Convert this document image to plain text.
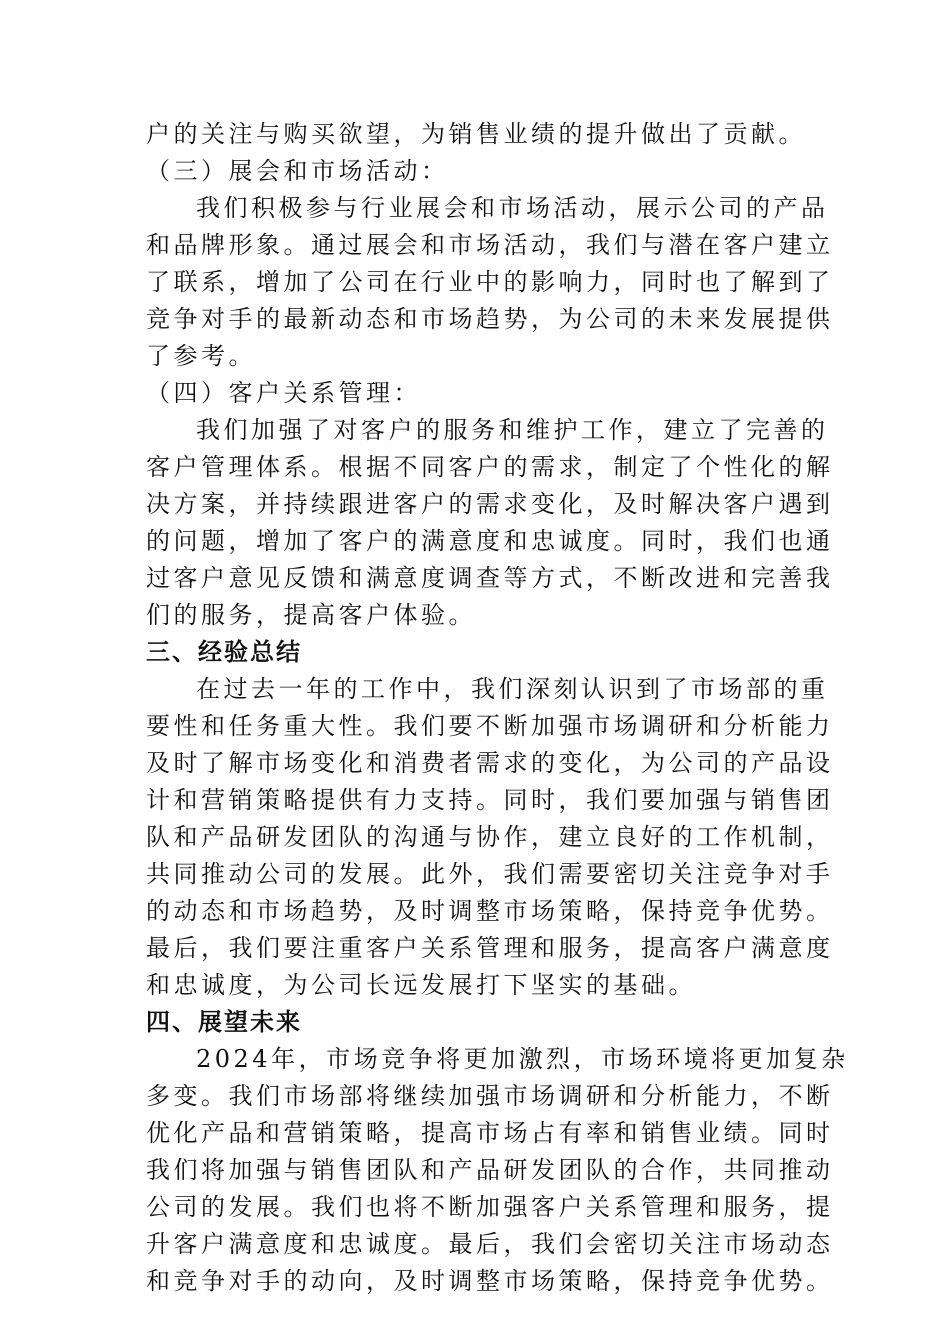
户的关注与购买欲望，为销售业绩的提升做出了贡献。

（三）展会和市场活动：

我们积极参与行业展会和市场活动，展示公司的产品
和品牌形象。通过展会和市场活动，我们与潜在客户建立
了联系，增加了公司在行业中的影响力，同时也了解到了
竞争对手的最新动态和市场趋势，为公司的未来发展提供
了参考。

（四）客户关系管理：

我们加强了对客户的服务和维护工作，建立了完善的
客户管理体系。根据不同客户的需求，制定了个性化的解
决方案，并持续跟进客户的需求变化，及时解决客户遇到
的问题，增加了客户的满意度和忠诚度。同时，我们也通
过客户意见反馈和满意度调查等方式，不断改进和完善我
们的服务，提高客户体验。

三、经验总结

在过去一年的工作中，我们深刻认识到了市场部的重
要性和任务重大性。我们要不断加强市场调研和分析能力
及时了解市场变化和消费者需求的变化，为公司的产品设
计和营销策略提供有力支持。同时，我们要加强与销售团
队和产品研发团队的沟通与协作，建立良好的工作机制，
共同推动公司的发展。此外，我们需要密切关注竞争对手
的动态和市场趋势，及时调整市场策略，保持竞争优势。
最后，我们要注重客户关系管理和服务，提高客户满意度
和忠诚度，为公司长远发展打下坚实的基础。

四、展望未来

2024年，市场竞争将更加激烈，市场环境将更加复杂
多变。我们市场部将继续加强市场调研和分析能力，不断
优化产品和营销策略，提高市场占有率和销售业绩。同时
我们将加强与销售团队和产品研发团队的合作，共同推动
公司的发展。我们也将不断加强客户关系管理和服务，提
升客户满意度和忠诚度。最后，我们会密切关注市场动态
和竞争对手的动向，及时调整市场策略，保持竞争优势。
